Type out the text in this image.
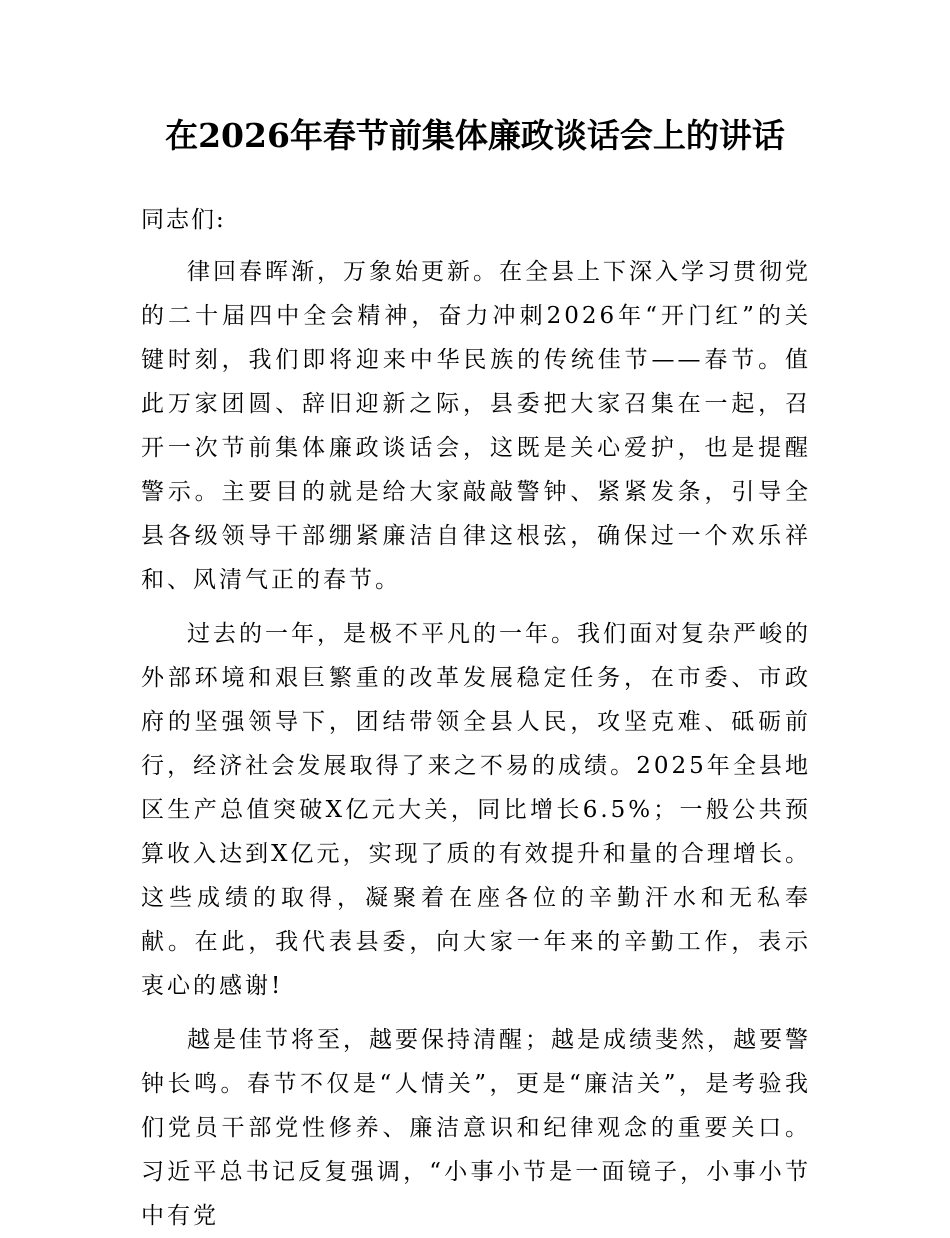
在2026年春节前集体廉政谈话会上的讲话

同志们:

律回春晖渐，万象始更新。在全县上下深入学习贯彻党的二十届四中全会精神，奋力冲刺2026年“开门红”的关键时刻，我们即将迎来中华民族的传统佳节——春节。值此万家团圆、辞旧迎新之际，县委把大家召集在一起，召开一次节前集体廉政谈话会，这既是关心爱护，也是提醒警示。主要目的就是给大家敲敲警钟、紧紧发条，引导全县各级领导干部绷紧廉洁自律这根弦，确保过一个欢乐祥和、风清气正的春节。

过去的一年，是极不平凡的一年。我们面对复杂严峻的外部环境和艰巨繁重的改革发展稳定任务，在市委、市政府的坚强领导下，团结带领全县人民，攻坚克难、砥砺前行，经济社会发展取得了来之不易的成绩。2025年全县地区生产总值突破X亿元大关，同比增长6.5%；一般公共预算收入达到X亿元，实现了质的有效提升和量的合理增长。这些成绩的取得，凝聚着在座各位的辛勤汗水和无私奉献。在此，我代表县委，向大家一年来的辛勤工作，表示衷心的感谢!

越是佳节将至，越要保持清醒；越是成绩斐然，越要警钟长鸣。春节不仅是“人情关”，更是“廉洁关”，是考验我们党员干部党性修养、廉洁意识和纪律观念的重要关口。习近平总书记反复强调，“小事小节是一面镜子，小事小节中有党
